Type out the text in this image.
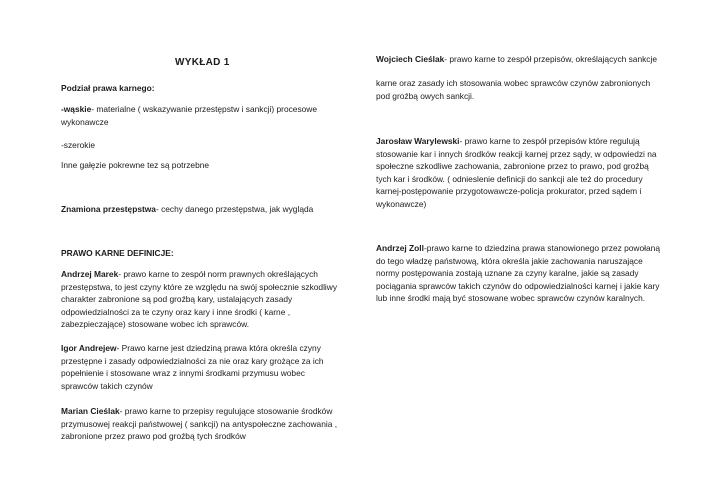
WYKŁAD 1
Podział prawa karnego:
-wąskie- materialne ( wskazywanie przestępstw i sankcji) procesowe wykonawcze
-szerokie
Inne gałęzie pokrewne tez są potrzebne
Znamiona przestępstwa- cechy danego przestępstwa, jak wygląda
PRAWO KARNE DEFINICJE:
Andrzej Marek- prawo karne to zespół norm prawnych określających przestępstwa, to jest czyny które ze względu na swój społecznie szkodliwy charakter zabronione są pod groźbą kary, ustalających zasady odpowiedzialności za te czyny oraz kary i inne środki ( karne , zabezpieczające) stosowane wobec ich sprawców.
Igor Andrejew- Prawo karne jest dziedziną prawa która określa czyny przestępne i zasady odpowiedzialności za nie oraz kary grożące za ich popełnienie i stosowane wraz z innymi środkami przymusu wobec sprawców takich czynów
Marian Cieślak- prawo karne to przepisy regulujące stosowanie środków przymusowej reakcji państwowej ( sankcji) na antyspołeczne zachowania , zabronione przez prawo pod groźbą tych środków
Wojciech Cieślak- prawo karne to zespół przepisów, określających sankcje
karne oraz zasady ich stosowania wobec sprawców czynów zabronionych pod groźbą owych sankcji.
Jarosław Warylewski- prawo karne to zespół przepisów które regulują stosowanie kar i innych środków reakcji karnej przez sądy, w odpowiedzi na społeczne szkodliwe zachowania, zabronione przez to prawo, pod groźbą tych kar i środków. ( odnieslenie definicji do sankcji ale też do procedury karnej-postępowanie przygotowawcze-policja prokurator, przed sądem i wykonawcze)
Andrzej Zoll-prawo karne to dziedzina prawa stanowionego przez powołaną do tego władzę państwową, która określa jakie zachowania naruszające normy postępowania zostają uznane za czyny karalne, jakie są zasady pociągania sprawców takich czynów do odpowiedzialności karnej i jakie kary lub inne środki mają być stosowane wobec sprawców czynów karalnych.
